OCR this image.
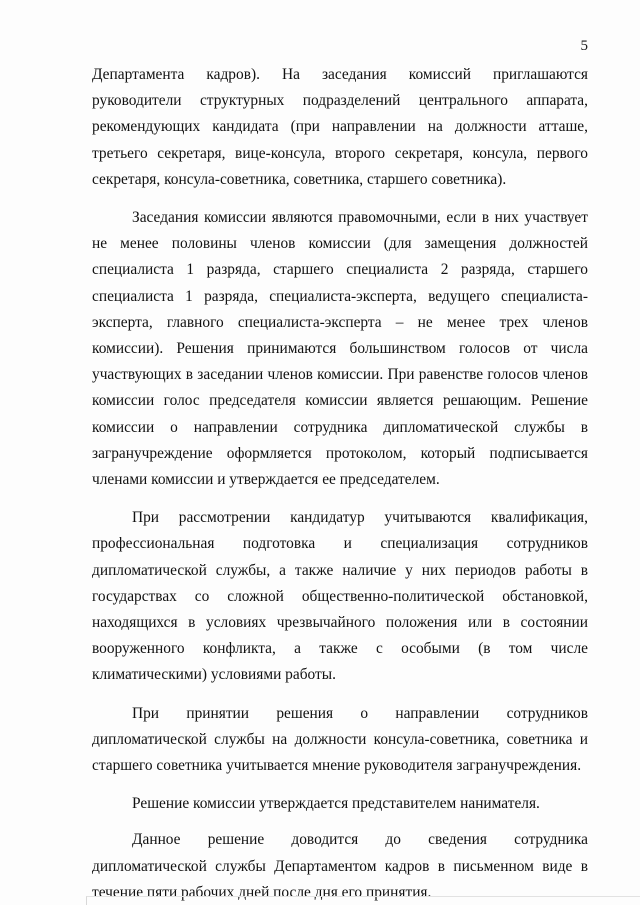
5

Департамента кадров). На заседания комиссий приглашаются руководители структурных подразделений центрального аппарата, рекомендующих кандидата (при направлении на должности атташе, третьего секретаря, вице-консула, второго секретаря, консула, первого секретаря, консула-советника, советника, старшего советника).

Заседания комиссии являются правомочными, если в них участвует не менее половины членов комиссии (для замещения должностей специалиста 1 разряда, старшего специалиста 2 разряда, старшего специалиста 1 разряда, специалиста-эксперта, ведущего специалиста-эксперта, главного специалиста-эксперта – не менее трех членов комиссии). Решения принимаются большинством голосов от числа участвующих в заседании членов комиссии. При равенстве голосов членов комиссии голос председателя комиссии является решающим. Решение комиссии о направлении сотрудника дипломатической службы в загранучреждение оформляется протоколом, который подписывается членами комиссии и утверждается ее председателем.

При рассмотрении кандидатур учитываются квалификация, профессиональная подготовка и специализация сотрудников дипломатической службы, а также наличие у них периодов работы в государствах со сложной общественно-политической обстановкой, находящихся в условиях чрезвычайного положения или в состоянии вооруженного конфликта, а также с особыми (в том числе климатическими) условиями работы.

При принятии решения о направлении сотрудников дипломатической службы на должности консула-советника, советника и старшего советника учитывается мнение руководителя загранучреждения.

Решение комиссии утверждается представителем нанимателя.

Данное решение доводится до сведения сотрудника дипломатической службы Департаментом кадров в письменном виде в течение пяти рабочих дней после дня его принятия.
